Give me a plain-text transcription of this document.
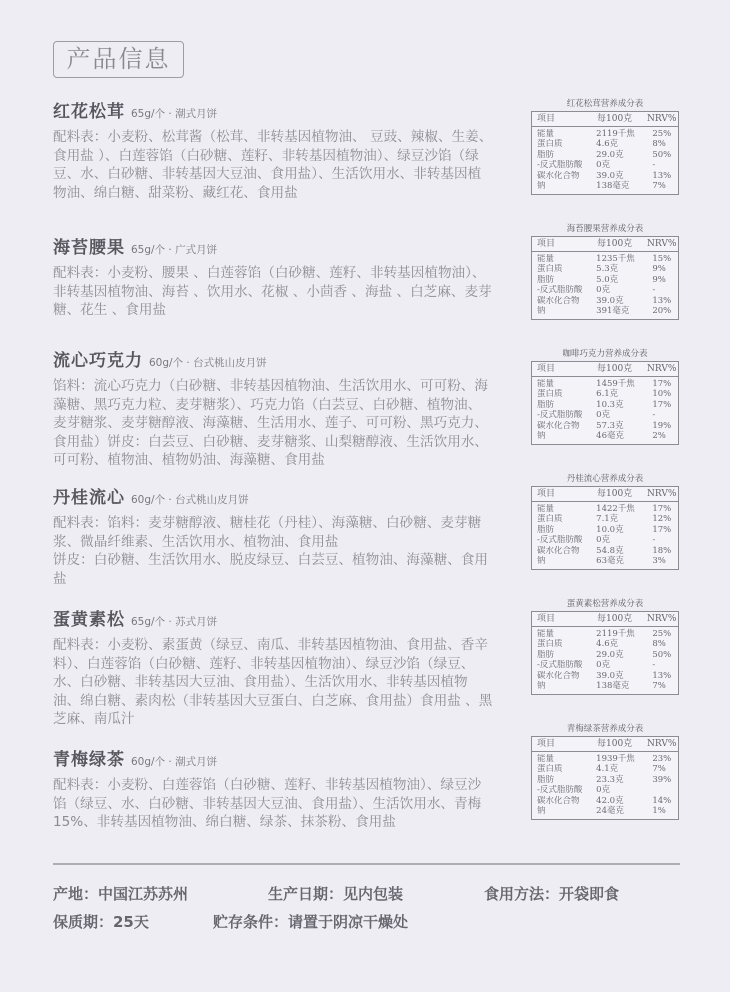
产品信息
红花松茸 65g/个 · 潮式月饼
配料表：小麦粉、松茸酱（松茸、非转基因植物油、 豆豉、辣椒、生姜、食用盐 ）、白莲蓉馅（白砂糖、莲籽、非转基因植物油）、绿豆沙馅（绿豆、水、白砂糖、非转基因大豆油、食用盐）、生活饮用水、非转基因植物油、绵白糖、甜菜粉、藏红花、食用盐
海苔腰果 65g/个 · 广式月饼
配料表：小麦粉、腰果 、白莲蓉馅（白砂糖、莲籽、非转基因植物油）、非转基因植物油、海苔 、饮用水、花椒 、小茴香 、海盐 、白芝麻、麦芽糖、花生 、食用盐
流心巧克力 60g/个 · 台式桃山皮月饼
馅料：流心巧克力（白砂糖、非转基因植物油、生活饮用水、可可粉、海藻糖、黑巧克力粒、麦芽糖浆）、巧克力馅（白芸豆、白砂糖、植物油、麦芽糖浆、麦芽糖醇液、海藻糖、生活用水、莲子、可可粉、黑巧克力、食用盐）饼皮：白芸豆、白砂糖、麦芽糖浆、山梨糖醇液、生活饮用水、可可粉、植物油、植物奶油、海藻糖、食用盐
丹桂流心 60g/个 · 台式桃山皮月饼
配料表：馅料：麦芽糖醇液、糖桂花（丹桂）、海藻糖、白砂糖、麦芽糖浆、微晶纤维素、生活饮用水、植物油、食用盐
饼皮：白砂糖、生活饮用水、脱皮绿豆、白芸豆、植物油、海藻糖、食用盐
蛋黄素松 65g/个 · 苏式月饼
配料表：小麦粉、素蛋黄（绿豆、南瓜、非转基因植物油、食用盐、香辛料）、白莲蓉馅（白砂糖、莲籽、非转基因植物油）、绿豆沙馅（绿豆、水、白砂糖、非转基因大豆油、食用盐）、生活饮用水、非转基因植物油、绵白糖、素肉松（非转基因大豆蛋白、白芝麻、食用盐）食用盐 、黑芝麻、南瓜汁
青梅绿茶 60g/个 · 潮式月饼
配料表：小麦粉、白莲蓉馅（白砂糖、莲籽、非转基因植物油）、绿豆沙馅（绿豆、水、白砂糖、非转基因大豆油、食用盐）、生活饮用水、青梅15%、非转基因植物油、绵白糖、绿茶、抹茶粉、食用盐
红花松茸营养成分表
项目	每100克	NRV%
能量	2119千焦	25%
蛋白质	4.6克	8%
脂肪	29.0克	50%
-反式脂肪酸	0克	-
碳水化合物	39.0克	13%
钠	138毫克	7%
海苔腰果营养成分表
项目	每100克	NRV%
能量	1235千焦	15%
蛋白质	5.3克	9%
脂肪	5.0克	9%
-反式脂肪酸	0克	-
碳水化合物	39.0克	13%
钠	391毫克	20%
咖啡巧克力营养成分表
项目	每100克	NRV%
能量	1459千焦	17%
蛋白质	6.1克	10%
脂肪	10.3克	17%
-反式脂肪酸	0克	-
碳水化合物	57.3克	19%
钠	46毫克	2%
丹桂流心营养成分表
项目	每100克	NRV%
能量	1422千焦	17%
蛋白质	7.1克	12%
脂肪	10.0克	17%
-反式脂肪酸	0克	-
碳水化合物	54.8克	18%
钠	63毫克	3%
蛋黄素松营养成分表
项目	每100克	NRV%
能量	2119千焦	25%
蛋白质	4.6克	8%
脂肪	29.0克	50%
-反式脂肪酸	0克	-
碳水化合物	39.0克	13%
钠	138毫克	7%
青梅绿茶营养成分表
项目	每100克	NRV%
能量	1939千焦	23%
蛋白质	4.1克	7%
脂肪	23.3克	39%
-反式脂肪酸	0克
碳水化合物	42.0克	14%
钠	24毫克	1%
产地：中国江苏苏州	生产日期：见内包装	食用方法：开袋即食
保质期：25天	贮存条件：请置于阴凉干燥处
